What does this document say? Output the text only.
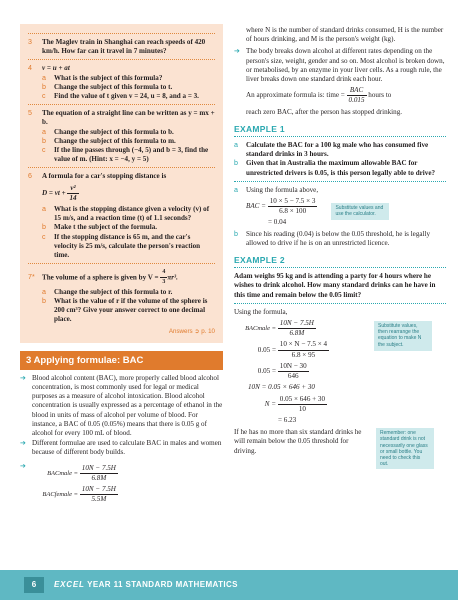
3	The Maglev train in Shanghai can reach speeds of 420 km/h. How far can it travel in 7 minutes?
4	v = u + at
a	What is the subject of this formula?
b	Change the subject of this formula to t.
c	Find the value of t given v = 24, u = 8, and a = 3.
5	The equation of a straight line can be written as y = mx + b.
a	Change the subject of this formula to b.
b	Change the subject of this formula to m.
c	If the line passes through (−4, 5) and b = 3, find the value of m. (Hint: x = −4, y = 5)
6	A formula for a car's stopping distance is
D = vt +
$\frac{\text{v²}}{14}$
a	What is the stopping distance given a velocity (v) of 15 m/s, and a reaction time (t) of 1.1 seconds?
b	Make t the subject of the formula.
c	If the stopping distance is 65 m, and the car's velocity is 25 m/s, calculate the person's reaction time.
7*	The volume of a sphere is given by $V = \frac{4}{3} \pi r^3$.
a	Change the subject of this formula to r.
b	What is the value of r if the volume of the sphere is 200 cm³? Give your answer correct to one decimal place.
Answers ➲ p. 10
3 Applying formulae: BAC
➔ Blood alcohol content (BAC), more properly called blood alcohol concentration, is most commonly used for legal or medical purposes as a measure of alcohol intoxication. Blood alcohol concentration is usually expressed as a percentage of ethanol in the blood in units of mass of alcohol per volume of blood. For instance, a BAC of 0.05 (0.05%) means that there is 0.05 g of alcohol for every 100 mL of blood.
➔ Different formulae are used to calculate BAC in males and women because of different body builds.
➔
BACmale =
$\frac{10N - 7.5H}{6.8M}$
BACfemale =
$\frac{10N - 7.5H}{5.5M}$
where N is the number of standard drinks consumed, H is the number of hours drinking, and M is the person's weight (kg).
➔ The body breaks down alcohol at different rates depending on the person's size, weight, gender and so on. Most alcohol is broken down, or metabolised, by an enzyme in your liver cells. As a rough rule, the liver breaks down one standard drink each hour.
An approximate formula is: time =
$\frac{\text{BAC}}{0.015}$
hours to
reach zero BAC, after the person has stopped drinking.
EXAMPLE 1
a	Calculate the BAC for a 100 kg male who has consumed five standard drinks in 3 hours.
b	Given that in Australia the maximum allowable BAC for unrestricted drivers is 0.05, is this person legally able to drive?
a	Using the formula above,
BAC =
$\frac{10 \times 5 - 7.5 \times 3}{6.8 \times 100}$
= 0.04
Substitute values and use the calculator.
b	Since his reading (0.04) is below the 0.05 threshold, he is legally allowed to drive if he is on an unrestricted licence.
EXAMPLE 2
Adam weighs 95 kg and is attending a party for 4 hours where he wishes to drink alcohol. How many standard drinks can he have in this time and remain below the 0.05 limit?
Using the formula,
BACmale =
$\frac{10N - 7.5H}{6.8M}$
0.05 =
$\frac{10 \times N - 7.5 \times 4}{6.8 \times 95}$
0.05 =
$\frac{10N - 30}{646}$
10N = 0.05 × 646 + 30
N =
$\frac{0.05 \times 646 + 30}{10}$
= 6.23
Substitute values, then rearrange the equation to make N the subject.
If he has no more than six standard drinks he will remain below the 0.05 threshold for driving.
Remember: one standard drink is not necessarily one glass or small bottle. You need to check this out.
6	EXCEL YEAR 11 STANDARD MATHEMATICS
